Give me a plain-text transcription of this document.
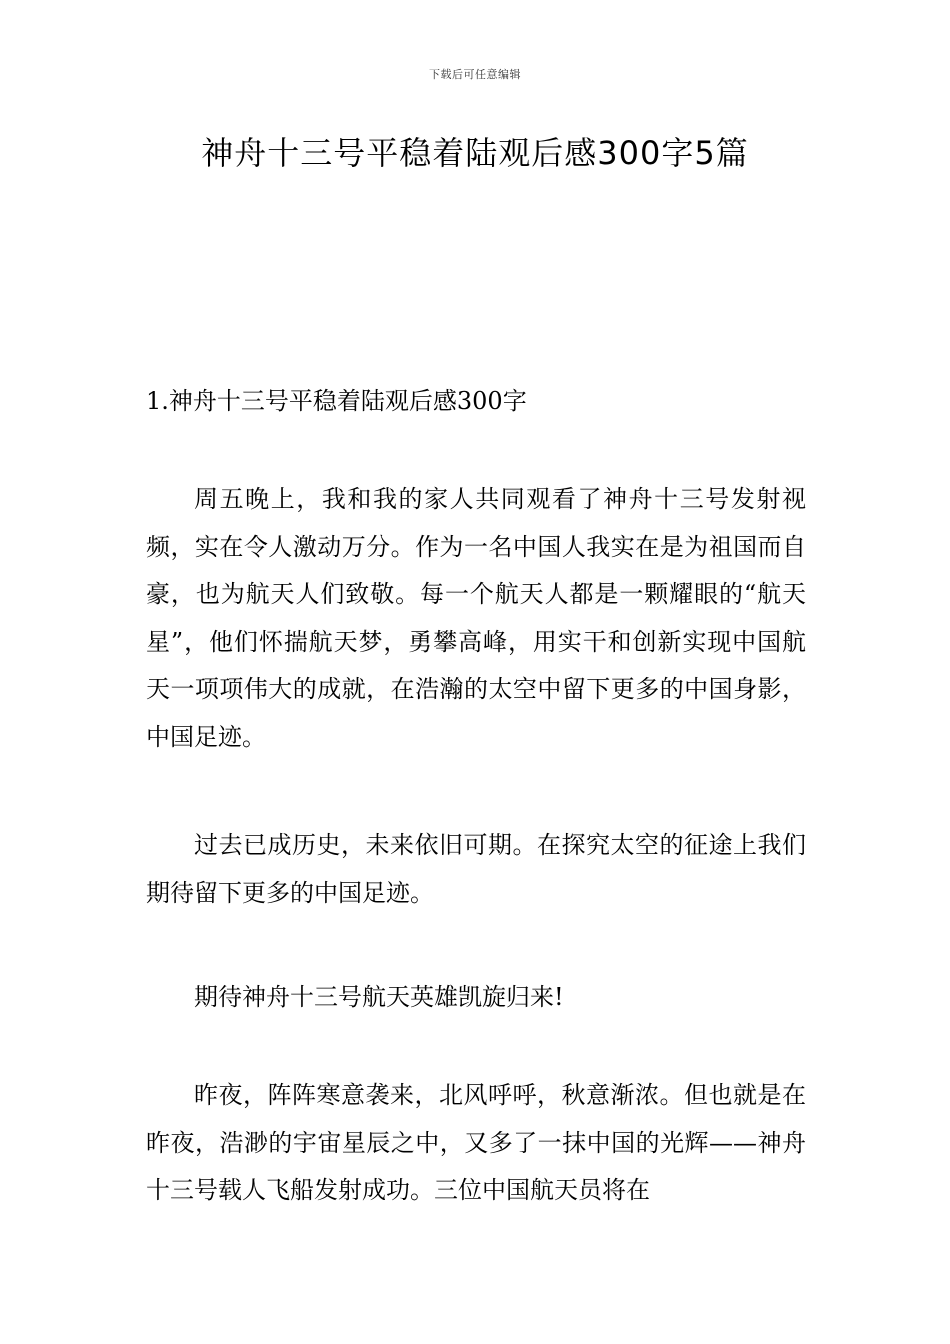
下载后可任意编辑
神舟十三号平稳着陆观后感300字5篇

1.神舟十三号平稳着陆观后感300字

周五晚上，我和我的家人共同观看了神舟十三号发射视频，实在令人激动万分。作为一名中国人我实在是为祖国而自豪，也为航天人们致敬。每一个航天人都是一颗耀眼的“航天星”，他们怀揣航天梦，勇攀高峰，用实干和创新实现中国航天一项项伟大的成就，在浩瀚的太空中留下更多的中国身影，中国足迹。

过去已成历史，未来依旧可期。在探究太空的征途上我们期待留下更多的中国足迹。

期待神舟十三号航天英雄凯旋归来!

昨夜，阵阵寒意袭来，北风呼呼，秋意渐浓。但也就是在昨夜，浩渺的宇宙星辰之中，又多了一抹中国的光辉——神舟十三号载人飞船发射成功。三位中国航天员将在
